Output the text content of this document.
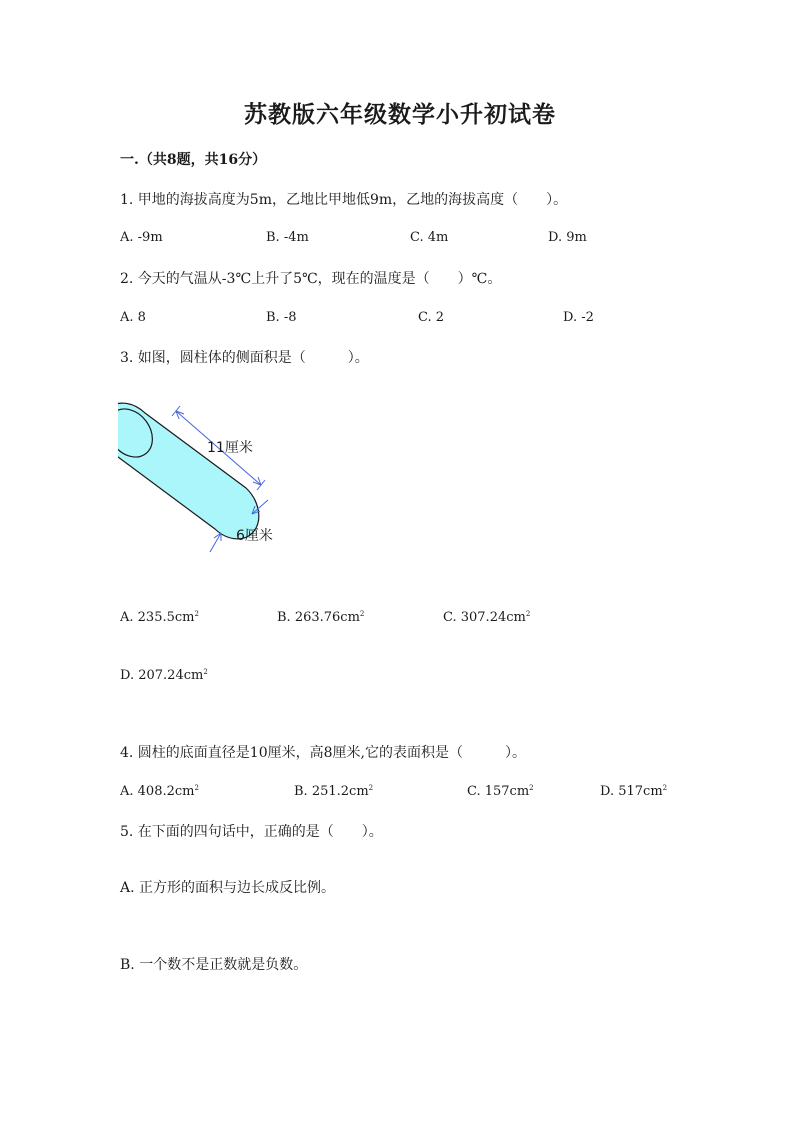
苏教版六年级数学小升初试卷
一.（共8题，共16分）
1. 甲地的海拔高度为5m，乙地比甲地低9m，乙地的海拔高度（　　）。
A. -9m	B. -4m	C. 4m	D. 9m
2. 今天的气温从-3℃上升了5℃，现在的温度是（　　）℃。
A. 8	B. -8	C. 2	D. -2
3. 如图，圆柱体的侧面积是（　　　）。
11厘米
6厘米
A. $235.5cm^2$	B. $263.76cm^2$	C. $307.24cm^2$
D. $207.24cm^2$
4. 圆柱的底面直径是10厘米，高8厘米,它的表面积是（　　　）。
A. $408.2cm^2$	B. $251.2cm^2$	C. $157cm^2$	D. $517cm^2$
5. 在下面的四句话中，正确的是（　　）。
A. 正方形的面积与边长成反比例。
B. 一个数不是正数就是负数。
